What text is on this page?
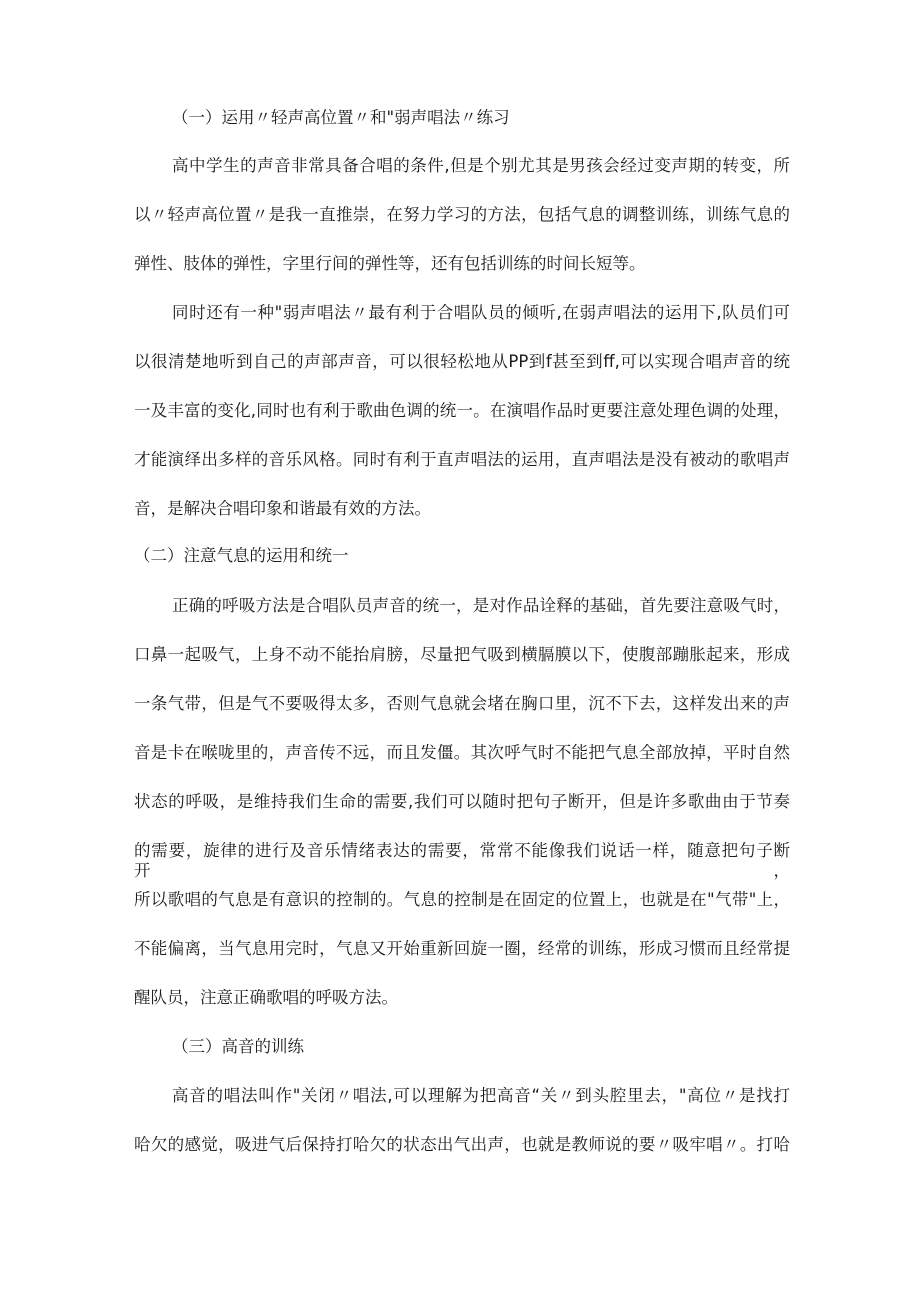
（一）运用〃轻声高位置〃和"弱声唱法〃练习
高中学生的声音非常具备合唱的条件,但是个别尤其是男孩会经过变声期的转变，所
以〃轻声高位置〃是我一直推崇，在努力学习的方法，包括气息的调整训练，训练气息的
弹性、肢体的弹性，字里行间的弹性等，还有包括训练的时间长短等。
同时还有一种"弱声唱法〃最有利于合唱队员的倾听,在弱声唱法的运用下,队员们可
以很清楚地听到自己的声部声音，可以很轻松地从PP到f甚至到ff,可以实现合唱声音的统
一及丰富的变化,同时也有利于歌曲色调的统一。在演唱作品时更要注意处理色调的处理，
才能演绎出多样的音乐风格。同时有利于直声唱法的运用，直声唱法是没有被动的歌唱声
音，是解决合唱印象和谐最有效的方法。
（二）注意气息的运用和统一
正确的呼吸方法是合唱队员声音的统一，是对作品诠释的基础，首先要注意吸气时，
口鼻一起吸气，上身不动不能抬肩膀，尽量把气吸到横膈膜以下，使腹部蹦胀起来，形成
一条气带，但是气不要吸得太多，否则气息就会堵在胸口里，沉不下去，这样发出来的声
音是卡在喉咙里的，声音传不远，而且发僵。其次呼气时不能把气息全部放掉，平时自然
状态的呼吸，是维持我们生命的需要,我们可以随时把句子断开，但是许多歌曲由于节奏
的需要，旋律的进行及音乐情绪表达的需要，常常不能像我们说话一样，随意把句子断开，
所以歌唱的气息是有意识的控制的。气息的控制是在固定的位置上，也就是在"气带"上，
不能偏离，当气息用完时，气息又开始重新回旋一圈，经常的训练，形成习惯而且经常提
醒队员，注意正确歌唱的呼吸方法。
（三）高音的训练
高音的唱法叫作"关闭〃唱法,可以理解为把高音“关〃到头腔里去，"高位〃是找打
哈欠的感觉，吸进气后保持打哈欠的状态出气出声，也就是教师说的要〃吸牢唱〃。打哈
